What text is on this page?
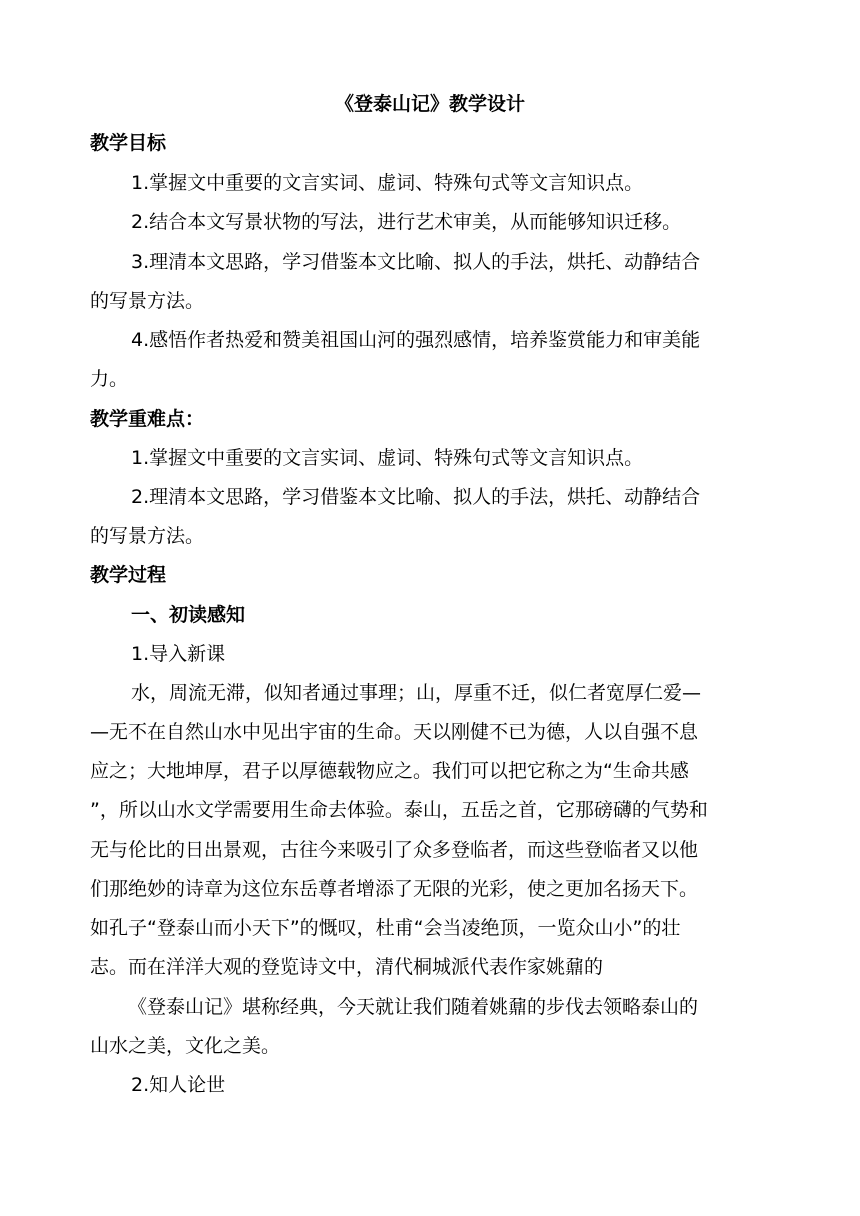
《登泰山记》教学设计
教学目标
1.掌握文中重要的文言实词、虚词、特殊句式等文言知识点。
2.结合本文写景状物的写法，进行艺术审美，从而能够知识迁移。
3.理清本文思路，学习借鉴本文比喻、拟人的手法，烘托、动静结合
的写景方法。
4.感悟作者热爱和赞美祖国山河的强烈感情，培养鉴赏能力和审美能
力。
教学重难点：
1.掌握文中重要的文言实词、虚词、特殊句式等文言知识点。
2.理清本文思路，学习借鉴本文比喻、拟人的手法，烘托、动静结合
的写景方法。
教学过程
一、初读感知
1.导入新课
水，周流无滞，似知者通过事理；山，厚重不迁，似仁者宽厚仁爱—
—无不在自然山水中见出宇宙的生命。天以刚健不已为德，人以自强不息
应之；大地坤厚，君子以厚德载物应之。我们可以把它称之为“生命共感
”，所以山水文学需要用生命去体验。泰山，五岳之首，它那磅礴的气势和
无与伦比的日出景观，古往今来吸引了众多登临者，而这些登临者又以他
们那绝妙的诗章为这位东岳尊者增添了无限的光彩，使之更加名扬天下。
如孔子“登泰山而小天下”的慨叹，杜甫“会当凌绝顶，一览众山小”的壮
志。而在洋洋大观的登览诗文中，清代桐城派代表作家姚鼐的
《登泰山记》堪称经典，今天就让我们随着姚鼐的步伐去领略泰山的
山水之美，文化之美。
2.知人论世
